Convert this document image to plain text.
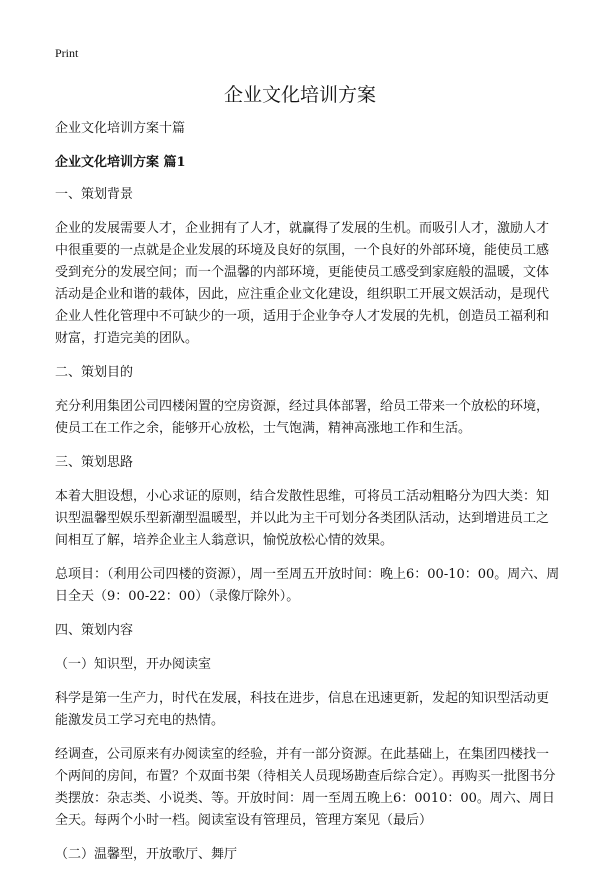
Print
企业文化培训方案

企业文化培训方案十篇

企业文化培训方案 篇1

一、策划背景

企业的发展需要人才，企业拥有了人才，就赢得了发展的生机。而吸引人才，激励人才中很重要的一点就是企业发展的环境及良好的氛围，一个良好的外部环境，能使员工感受到充分的发展空间；而一个温馨的内部环境，更能使员工感受到家庭般的温暖，文体活动是企业和谐的载体，因此，应注重企业文化建设，组织职工开展文娱活动，是现代企业人性化管理中不可缺少的一项，适用于企业争夺人才发展的先机，创造员工福利和财富，打造完美的团队。

二、策划目的

充分利用集团公司四楼闲置的空房资源，经过具体部署，给员工带来一个放松的环境，使员工在工作之余，能够开心放松，士气饱满，精神高涨地工作和生活。

三、策划思路

本着大胆设想，小心求证的原则，结合发散性思维，可将员工活动粗略分为四大类：知识型温馨型娱乐型新潮型温暖型，并以此为主干可划分各类团队活动，达到增进员工之间相互了解，培养企业主人翁意识，愉悦放松心情的效果。

总项目：（利用公司四楼的资源），周一至周五开放时间：晚上6：00-10：00。周六、周日全天（9：00-22：00）（录像厅除外）。

四、策划内容

（一）知识型，开办阅读室

科学是第一生产力，时代在发展，科技在进步，信息在迅速更新，发起的知识型活动更能激发员工学习充电的热情。

经调查，公司原来有办阅读室的经验，并有一部分资源。在此基础上，在集团四楼找一个两间的房间，布置？个双面书架（待相关人员现场勘查后综合定）。再购买一批图书分类摆放：杂志类、小说类、等。开放时间：周一至周五晚上6：0010：00。周六、周日全天。每两个小时一档。阅读室设有管理员，管理方案见（最后）

（二）温馨型，开放歌厅、舞厅
